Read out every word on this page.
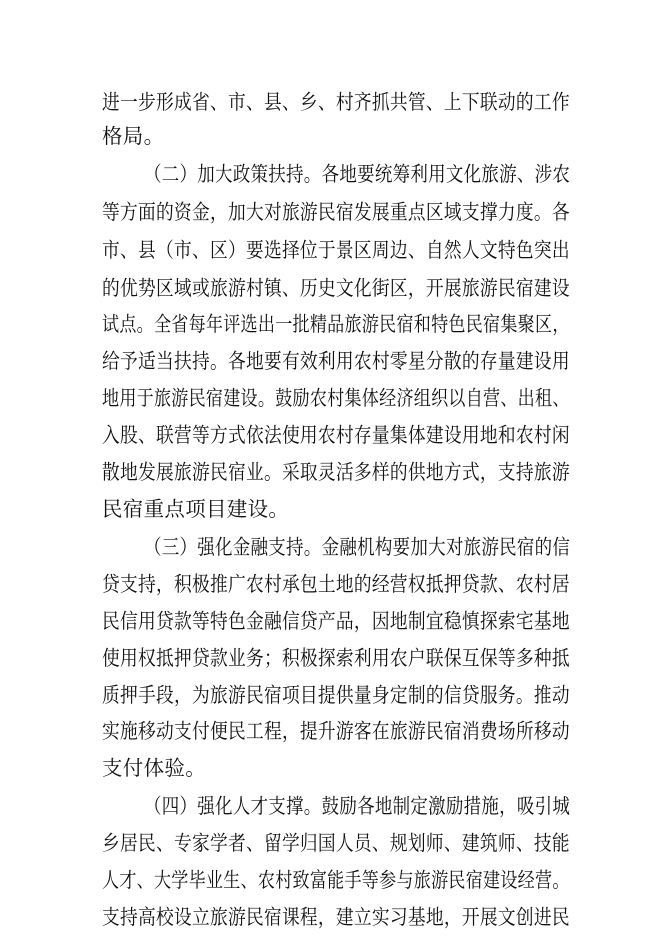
进一步形成省、市、县、乡、村齐抓共管、上下联动的工作
格局。
（二）加大政策扶持。各地要统筹利用文化旅游、涉农
等方面的资金，加大对旅游民宿发展重点区域支撑力度。各
市、县（市、区）要选择位于景区周边、自然人文特色突出
的优势区域或旅游村镇、历史文化街区，开展旅游民宿建设
试点。全省每年评选出一批精品旅游民宿和特色民宿集聚区，
给予适当扶持。各地要有效利用农村零星分散的存量建设用
地用于旅游民宿建设。鼓励农村集体经济组织以自营、出租、
入股、联营等方式依法使用农村存量集体建设用地和农村闲
散地发展旅游民宿业。采取灵活多样的供地方式，支持旅游
民宿重点项目建设。
（三）强化金融支持。金融机构要加大对旅游民宿的信
贷支持，积极推广农村承包土地的经营权抵押贷款、农村居
民信用贷款等特色金融信贷产品，因地制宜稳慎探索宅基地
使用权抵押贷款业务；积极探索利用农户联保互保等多种抵
质押手段，为旅游民宿项目提供量身定制的信贷服务。推动
实施移动支付便民工程，提升游客在旅游民宿消费场所移动
支付体验。
（四）强化人才支撑。鼓励各地制定激励措施，吸引城
乡居民、专家学者、留学归国人员、规划师、建筑师、技能
人才、大学毕业生、农村致富能手等参与旅游民宿建设经营。
支持高校设立旅游民宿课程，建立实习基地，开展文创进民
